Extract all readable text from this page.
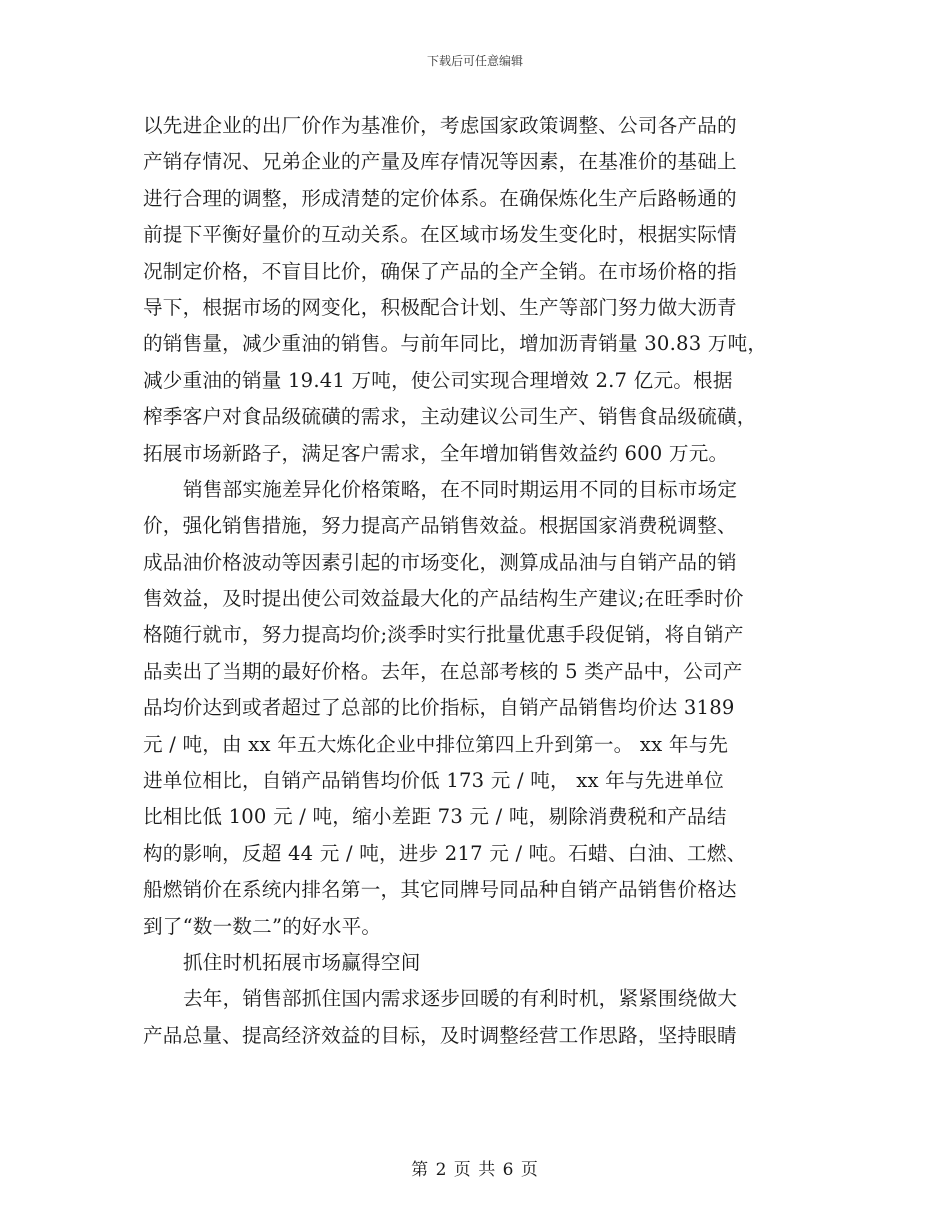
下载后可任意编辑
以先进企业的出厂价作为基准价，考虑国家政策调整、公司各产品的
产销存情况、兄弟企业的产量及库存情况等因素，在基准价的基础上
进行合理的调整，形成清楚的定价体系。在确保炼化生产后路畅通的
前提下平衡好量价的互动关系。在区域市场发生变化时，根据实际情
况制定价格，不盲目比价，确保了产品的全产全销。在市场价格的指
导下，根据市场的网变化，积极配合计划、生产等部门努力做大沥青
的销售量，减少重油的销售。与前年同比，增加沥青销量 30.83 万吨，
减少重油的销量 19.41 万吨，使公司实现合理增效 2.7 亿元。根据
榨季客户对食品级硫磺的需求，主动建议公司生产、销售食品级硫磺，
拓展市场新路子，满足客户需求，全年增加销售效益约 600 万元。
销售部实施差异化价格策略，在不同时期运用不同的目标市场定
价，强化销售措施，努力提高产品销售效益。根据国家消费税调整、
成品油价格波动等因素引起的市场变化，测算成品油与自销产品的销
售效益，及时提出使公司效益最大化的产品结构生产建议;在旺季时价
格随行就市，努力提高均价;淡季时实行批量优惠手段促销，将自销产
品卖出了当期的最好价格。去年，在总部考核的 5 类产品中，公司产
品均价达到或者超过了总部的比价指标，自销产品销售均价达 3189
元 / 吨，由 xx 年五大炼化企业中排位第四上升到第一。 xx 年与先
进单位相比，自销产品销售均价低 173 元 / 吨， xx 年与先进单位
比相比低 100 元 / 吨，缩小差距 73 元 / 吨，剔除消费税和产品结
构的影响，反超 44 元 / 吨，进步 217 元 / 吨。石蜡、白油、工燃、
船燃销价在系统内排名第一，其它同牌号同品种自销产品销售价格达
到了“数一数二”的好水平。
抓住时机拓展市场赢得空间
去年，销售部抓住国内需求逐步回暖的有利时机，紧紧围绕做大
产品总量、提高经济效益的目标，及时调整经营工作思路，坚持眼睛
第 2 页 共 6 页
